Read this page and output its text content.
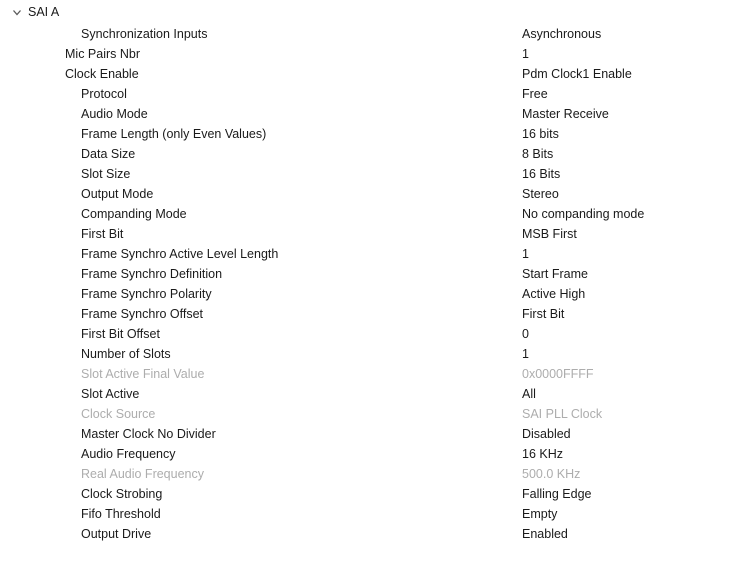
SAI A
Synchronization Inputs	Asynchronous
Mic Pairs Nbr	1
Clock Enable	Pdm Clock1 Enable
Protocol	Free
Audio Mode	Master Receive
Frame Length (only Even Values)	16 bits
Data Size	8 Bits
Slot Size	16 Bits
Output Mode	Stereo
Companding Mode	No companding mode
First Bit	MSB First
Frame Synchro Active Level Length	1
Frame Synchro Definition	Start Frame
Frame Synchro Polarity	Active High
Frame Synchro Offset	First Bit
First Bit Offset	0
Number of Slots	1
Slot Active Final Value	0x0000FFFF
Slot Active	All
Clock Source	SAI PLL Clock
Master Clock No Divider	Disabled
Audio Frequency	16 KHz
Real Audio Frequency	500.0 KHz
Clock Strobing	Falling Edge
Fifo Threshold	Empty
Output Drive	Enabled
